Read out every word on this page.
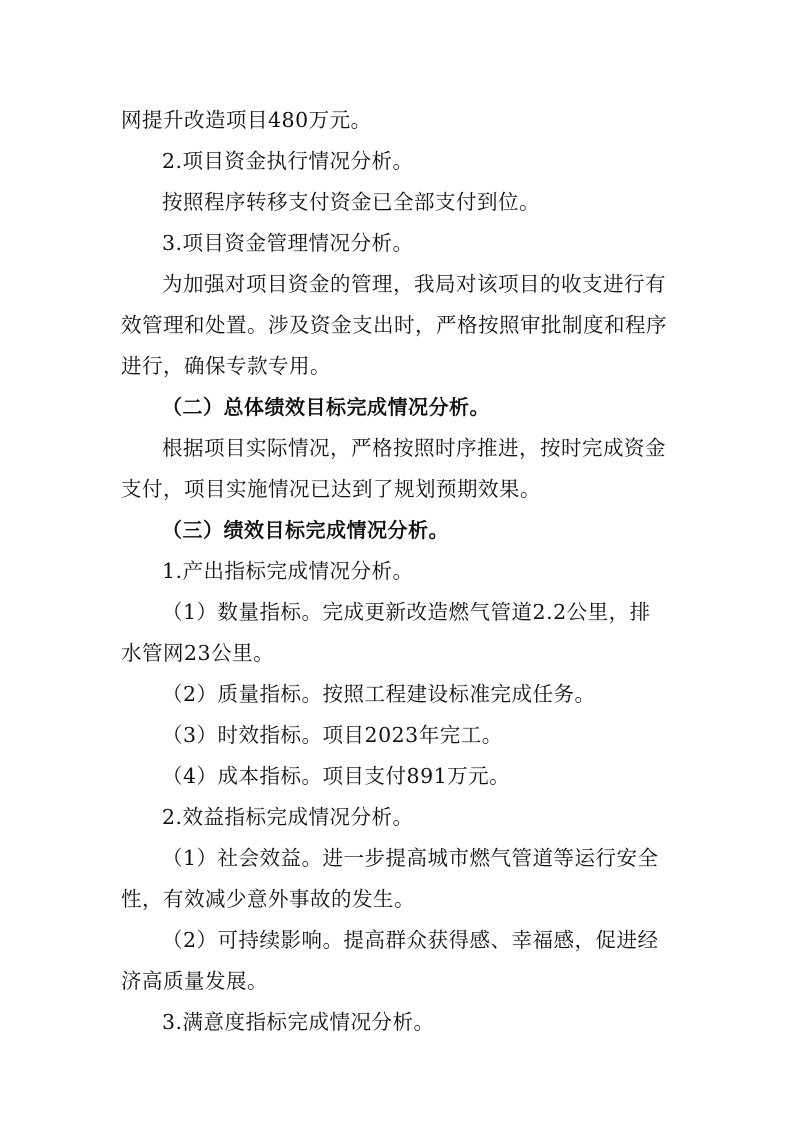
网提升改造项目480万元。
2.项目资金执行情况分析。
按照程序转移支付资金已全部支付到位。
3.项目资金管理情况分析。
为加强对项目资金的管理，我局对该项目的收支进行有
效管理和处置。涉及资金支出时，严格按照审批制度和程序
进行，确保专款专用。
（二）总体绩效目标完成情况分析。
根据项目实际情况，严格按照时序推进，按时完成资金
支付，项目实施情况已达到了规划预期效果。
（三）绩效目标完成情况分析。
1.产出指标完成情况分析。
（1）数量指标。完成更新改造燃气管道2.2公里，排
水管网23公里。
（2）质量指标。按照工程建设标准完成任务。
（3）时效指标。项目2023年完工。
（4）成本指标。项目支付891万元。
2.效益指标完成情况分析。
（1）社会效益。进一步提高城市燃气管道等运行安全
性，有效减少意外事故的发生。
（2）可持续影响。提高群众获得感、幸福感，促进经
济高质量发展。
3.满意度指标完成情况分析。
